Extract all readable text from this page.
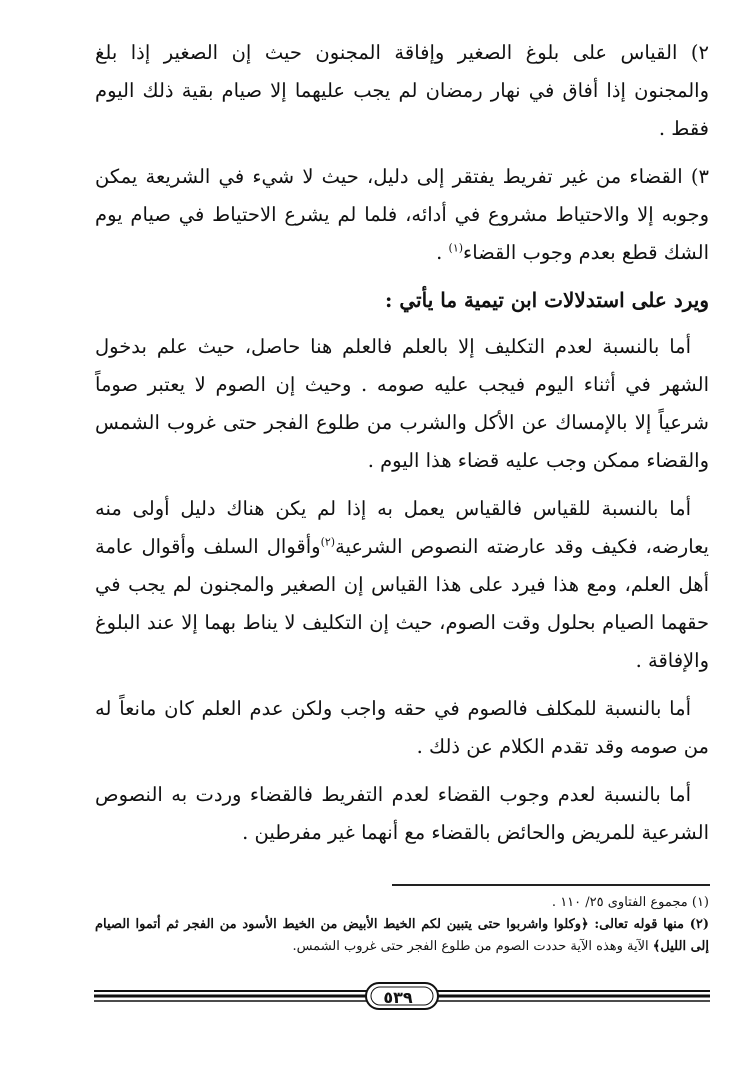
٢) القياس على بلوغ الصغير وإفاقة المجنون حيث إن الصغير إذا بلغ والمجنون إذا أفاق في نهار رمضان لم يجب عليهما إلا صيام بقية ذلك اليوم فقط .

٣) القضاء من غير تفريط يفتقر إلى دليل، حيث لا شيء في الشريعة يمكن وجوبه إلا والاحتياط مشروع في أدائه، فلما لم يشرع الاحتياط في صيام يوم الشك قطع بعدم وجوب القضاء$^{(١)}$ .

ويرد على استدلالات ابن تيمية ما يأتي :

أما بالنسبة لعدم التكليف إلا بالعلم فالعلم هنا حاصل، حيث علم بدخول الشهر في أثناء اليوم فيجب عليه صومه . وحيث إن الصوم لا يعتبر صوماً شرعياً إلا بالإمساك عن الأكل والشرب من طلوع الفجر حتى غروب الشمس والقضاء ممكن وجب عليه قضاء هذا اليوم .

أما بالنسبة للقياس فالقياس يعمل به إذا لم يكن هناك دليل أولى منه يعارضه، فكيف وقد عارضته النصوص الشرعية$^{(٢)}$وأقوال السلف وأقوال عامة أهل العلم، ومع هذا فيرد على هذا القياس إن الصغير والمجنون لم يجب في حقهما الصيام بحلول وقت الصوم، حيث إن التكليف لا يناط بهما إلا عند البلوغ والإفاقة .

أما بالنسبة للمكلف فالصوم في حقه واجب ولكن عدم العلم كان مانعاً له من صومه وقد تقدم الكلام عن ذلك .

أما بالنسبة لعدم وجوب القضاء لعدم التفريط فالقضاء وردت به النصوص الشرعية للمريض والحائض بالقضاء مع أنهما غير مفرطين .

(١) مجموع الفتاوى ٢٥/ ١١٠ .

(٢) منها قوله تعالى: ﴿وكلوا واشربوا حتى يتبين لكم الخيط الأبيض من الخيط الأسود من الفجر ثم أتموا الصيام إلى الليل﴾ الآية وهذه الآية حددت الصوم من طلوع الفجر حتى غروب الشمس.

٥٣٩
